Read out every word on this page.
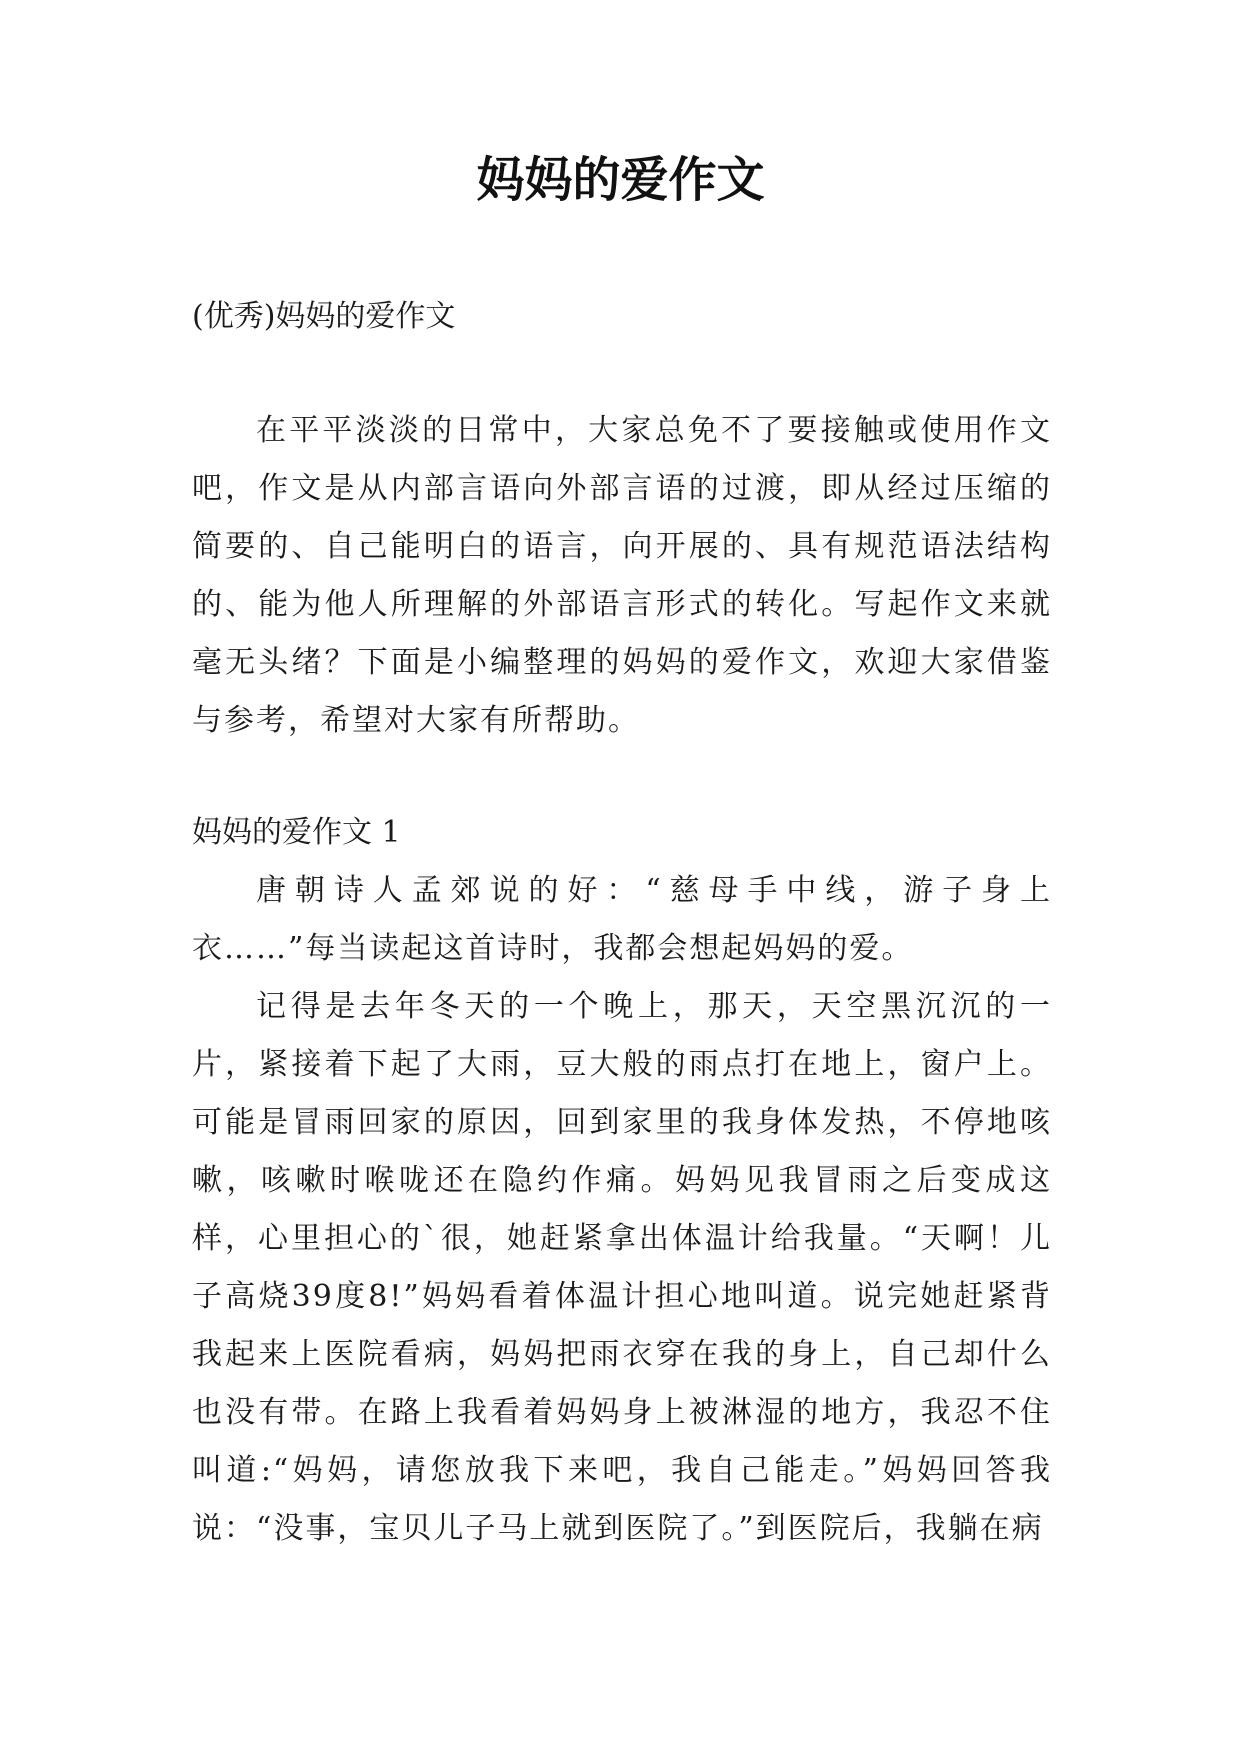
妈妈的爱作文
(优秀)妈妈的爱作文

在平平淡淡的日常中，大家总免不了要接触或使用作文吧，作文是从内部言语向外部言语的过渡，即从经过压缩的简要的、自己能明白的语言，向开展的、具有规范语法结构的、能为他人所理解的外部语言形式的转化。写起作文来就毫无头绪？下面是小编整理的妈妈的爱作文，欢迎大家借鉴与参考，希望对大家有所帮助。

妈妈的爱作文 1

唐朝诗人孟郊说的好：“慈母手中线，游子身上衣……”每当读起这首诗时，我都会想起妈妈的爱。

记得是去年冬天的一个晚上，那天，天空黑沉沉的一片，紧接着下起了大雨，豆大般的雨点打在地上，窗户上。可能是冒雨回家的原因，回到家里的我身体发热，不停地咳嗽，咳嗽时喉咙还在隐约作痛。妈妈见我冒雨之后变成这样，心里担心的`很，她赶紧拿出体温计给我量。“天啊！儿子高烧39度8!”妈妈看着体温计担心地叫道。说完她赶紧背我起来上医院看病，妈妈把雨衣穿在我的身上，自己却什么也没有带。在路上我看着妈妈身上被淋湿的地方，我忍不住叫道:“妈妈，请您放我下来吧，我自己能走。”妈妈回答我说：“没事，宝贝儿子马上就到医院了。”到医院后，我躺在病
